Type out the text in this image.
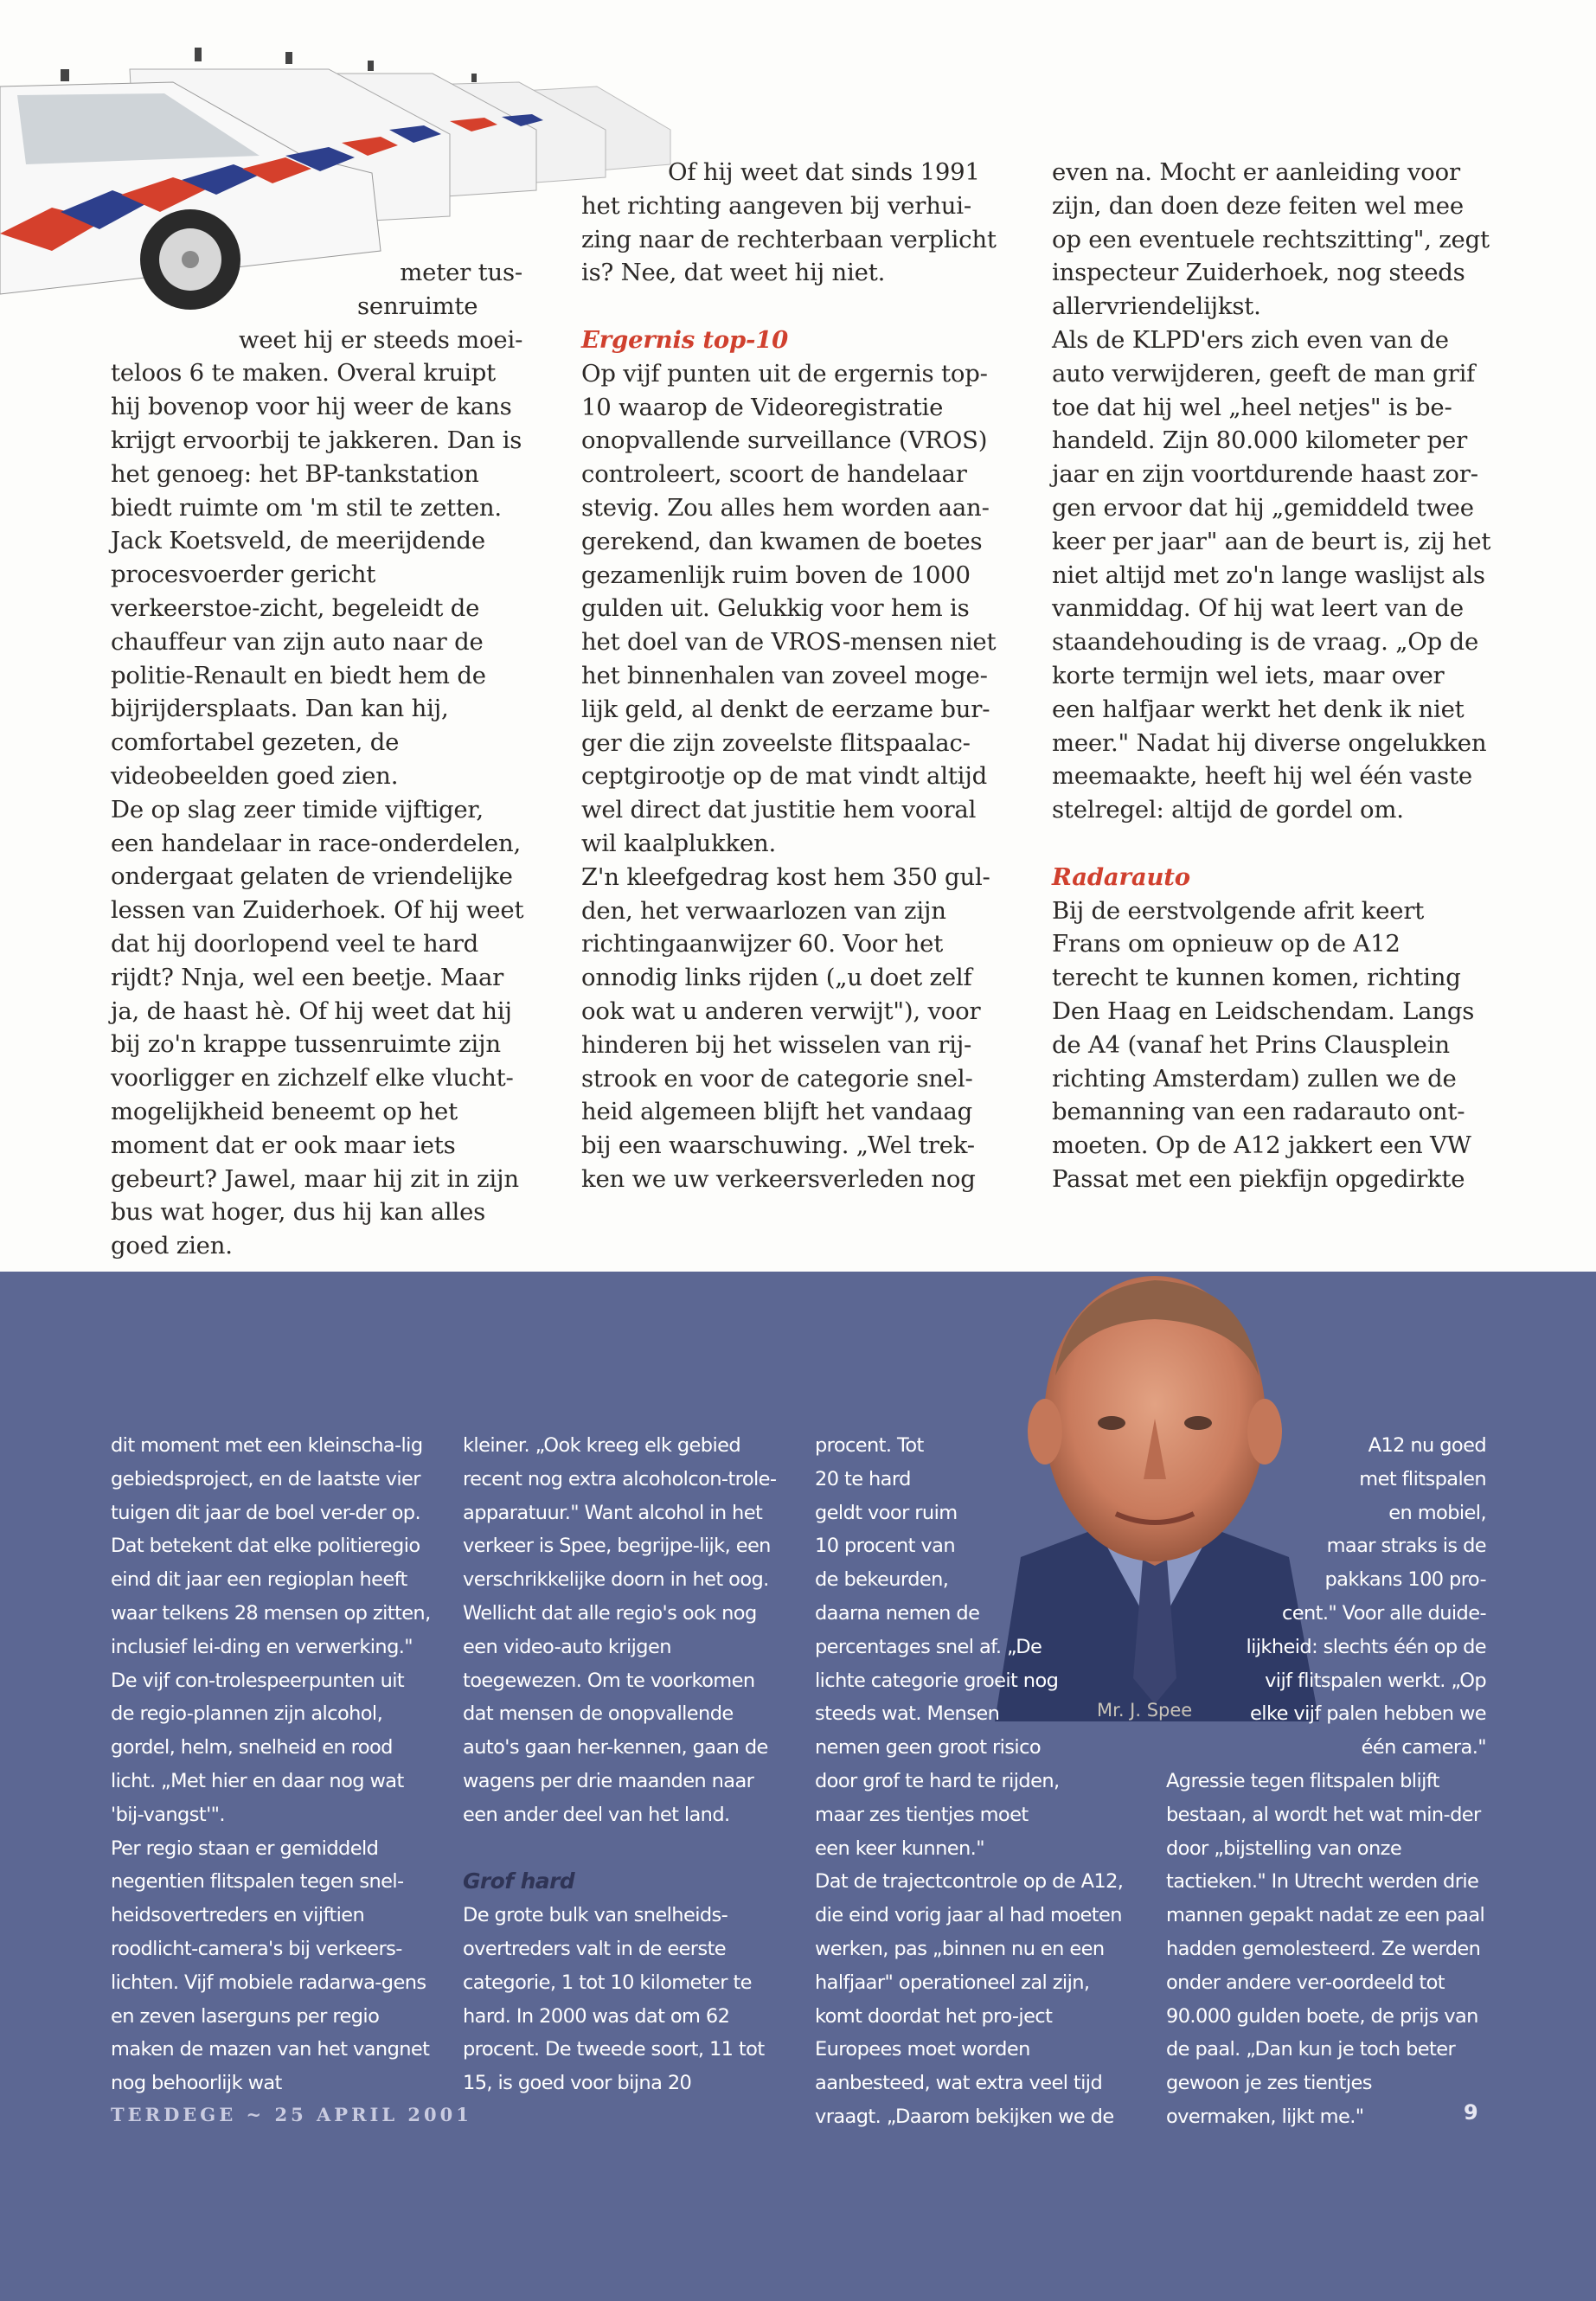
meter tus-

senruimte

weet hij er steeds moei-

teloos 6 te maken. Overal kruipt hij bovenop voor hij weer de kans krijgt ervoorbij te jakkeren. Dan is het genoeg: het BP-tankstation biedt ruimte om 'm stil te zetten. Jack Koetsveld, de meerijdende procesvoerder gericht verkeerstoe-zicht, begeleidt de chauffeur van zijn auto naar de politie-Renault en biedt hem de bijrijdersplaats. Dan kan hij, comfortabel gezeten, de videobeelden goed zien.

De op slag zeer timide vijftiger, een handelaar in race-onderdelen, ondergaat gelaten de vriendelijke lessen van Zuiderhoek. Of hij weet dat hij doorlopend veel te hard rijdt? Nnja, wel een beetje. Maar ja, de haast hè. Of hij weet dat hij bij zo'n krappe tussenruimte zijn voorligger en zichzelf elke vlucht-mogelijkheid beneemt op het moment dat er ook maar iets gebeurt? Jawel, maar hij zit in zijn bus wat hoger, dus hij kan alles goed zien.

Of hij weet dat sinds 1991 het richting aangeven bij verhui-zing naar de rechterbaan verplicht is? Nee, dat weet hij niet.

Ergernis top-10

Op vijf punten uit de ergernis top-10 waarop de Videoregistratie onopvallende surveillance (VROS) controleert, scoort de handelaar stevig. Zou alles hem worden aan-gerekend, dan kwamen de boetes gezamenlijk ruim boven de 1000 gulden uit. Gelukkig voor hem is het doel van de VROS-mensen niet het binnenhalen van zoveel moge-lijk geld, al denkt de eerzame bur-ger die zijn zoveelste flitspaalac-ceptgirootje op de mat vindt altijd wel direct dat justitie hem vooral wil kaalplukken.

Z'n kleefgedrag kost hem 350 gul-den, het verwaarlozen van zijn richtingaanwijzer 60. Voor het onnodig links rijden („u doet zelf ook wat u anderen verwijt"), voor hinderen bij het wisselen van rij-strook en voor de categorie snel-heid algemeen blijft het vandaag bij een waarschuwing. „Wel trek-ken we uw verkeersverleden nog

even na. Mocht er aanleiding voor zijn, dan doen deze feiten wel mee op een eventuele rechtszitting", zegt inspecteur Zuiderhoek, nog steeds allervriendelijkst.

Als de KLPD'ers zich even van de auto verwijderen, geeft de man grif toe dat hij wel „heel netjes" is be-handeld. Zijn 80.000 kilometer per jaar en zijn voortdurende haast zor-gen ervoor dat hij „gemiddeld twee keer per jaar" aan de beurt is, zij het niet altijd met zo'n lange waslijst als vanmiddag. Of hij wat leert van de staandehouding is de vraag. „Op de korte termijn wel iets, maar over een halfjaar werkt het denk ik niet meer." Nadat hij diverse ongelukken meemaakte, heeft hij wel één vaste stelregel: altijd de gordel om.

Radarauto

Bij de eerstvolgende afrit keert Frans om opnieuw op de A12 terecht te kunnen komen, richting Den Haag en Leidschendam. Langs de A4 (vanaf het Prins Clausplein richting Amsterdam) zullen we de bemanning van een radarauto ont-moeten. Op de A12 jakkert een VW Passat met een piekfijn opgedirkte

Mr. J. Spee

dit moment met een kleinscha-lig gebiedsproject, en de laatste vier tuigen dit jaar de boel ver-der op. Dat betekent dat elke politieregio eind dit jaar een regioplan heeft waar telkens 28 mensen op zitten, inclusief lei-ding en verwerking." De vijf con-trolespeerpunten uit de regio-plannen zijn alcohol, gordel, helm, snelheid en rood licht. „Met hier en daar nog wat 'bij-vangst'".

Per regio staan er gemiddeld negentien flitspalen tegen snel-heidsovertreders en vijftien roodlicht-camera's bij verkeers-lichten. Vijf mobiele radarwa-gens en zeven laserguns per regio maken de mazen van het vangnet nog behoorlijk wat

kleiner. „Ook kreeg elk gebied recent nog extra alcoholcon-trole-apparatuur." Want alcohol in het verkeer is Spee, begrijpe-lijk, een verschrikkelijke doorn in het oog. Wellicht dat alle regio's ook nog een video-auto krijgen toegewezen. Om te voorkomen dat mensen de onopvallende auto's gaan her-kennen, gaan de wagens per drie maanden naar een ander deel van het land.

Grof hard

De grote bulk van snelheids-overtreders valt in de eerste categorie, 1 tot 10 kilometer te hard. In 2000 was dat om 62 procent. De tweede soort, 11 tot 15, is goed voor bijna 20

procent. Tot

20 te hard

geldt voor ruim

10 procent van

de bekeurden,

daarna nemen de

percentages snel af. „De lichte categorie groeit nog steeds wat. Mensen nemen geen groot risico door grof te hard te rijden, maar zes tientjes moet een keer kunnen."

Dat de trajectcontrole op de A12, die eind vorig jaar al had moeten werken, pas „binnen nu en een halfjaar" operationeel zal zijn, komt doordat het pro-ject Europees moet worden aanbesteed, wat extra veel tijd vraagt. „Daarom bekijken we de

A12 nu goed

met flitspalen

en mobiel,

maar straks is de

pakkans 100 pro-

cent." Voor alle duide-

lijkheid: slechts één op de

vijf flitspalen werkt. „Op

elke vijf palen hebben we

één camera."

Agressie tegen flitspalen blijft bestaan, al wordt het wat min-der door „bijstelling van onze tactieken." In Utrecht werden drie mannen gepakt nadat ze een paal hadden gemolesteerd. Ze werden onder andere ver-oordeeld tot 90.000 gulden boete, de prijs van de paal. „Dan kun je toch beter gewoon je zes tientjes overmaken, lijkt me."

TERDEGE ~ 25 APRIL 2001	9
